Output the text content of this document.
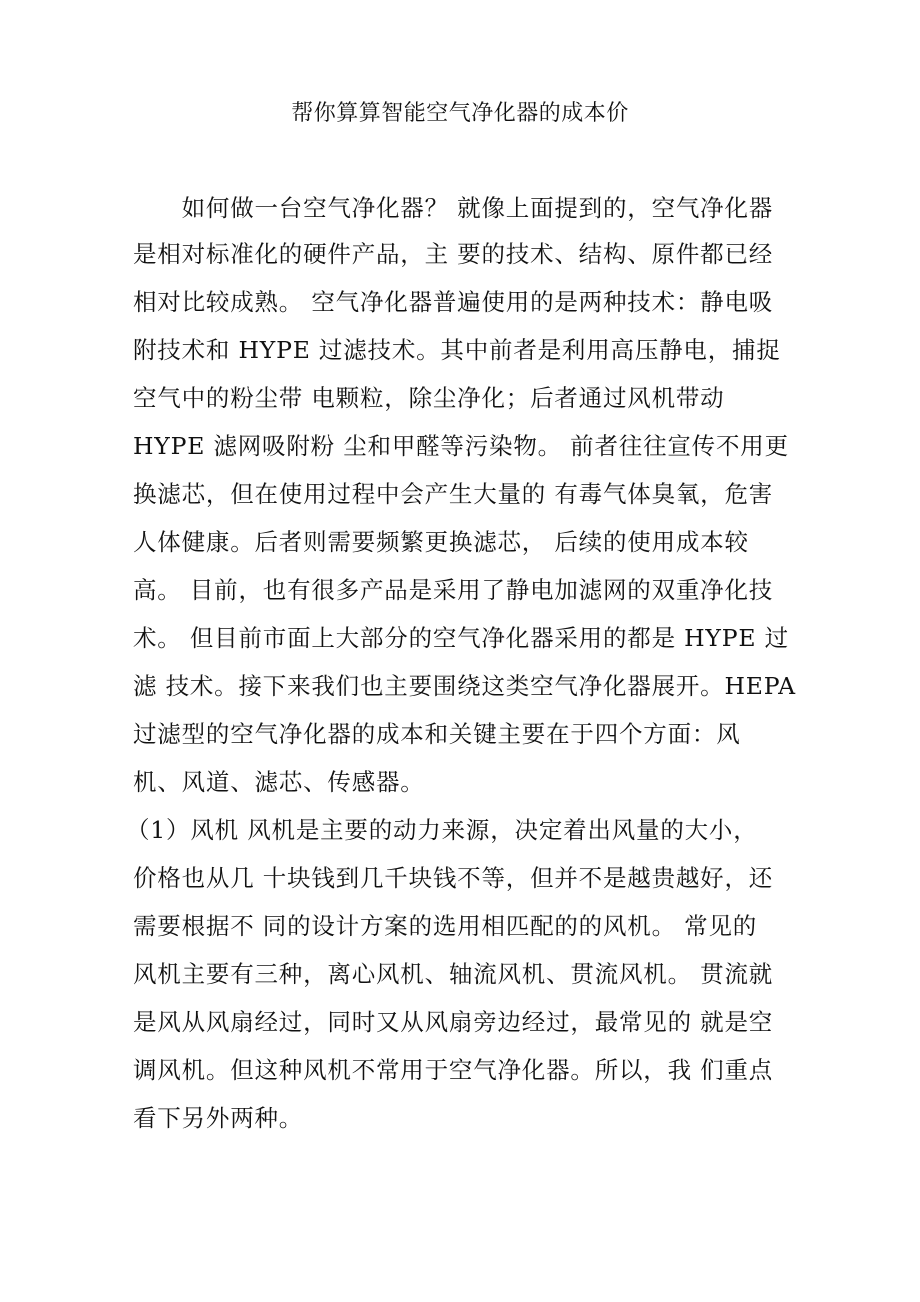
帮你算算智能空气净化器的成本价
　　如何做一台空气净化器？ 就像上面提到的，空气净化器
是相对标准化的硬件产品，主 要的技术、结构、原件都已经
相对比较成熟。 空气净化器普遍使用的是两种技术：静电吸
附技术和 HYPE 过滤技术。其中前者是利用高压静电，捕捉
空气中的粉尘带 电颗粒，除尘净化；后者通过风机带动
HYPE 滤网吸附粉 尘和甲醛等污染物。 前者往往宣传不用更
换滤芯，但在使用过程中会产生大量的 有毒气体臭氧，危害
人体健康。后者则需要频繁更换滤芯， 后续的使用成本较
高。 目前，也有很多产品是采用了静电加滤网的双重净化技
术。 但目前市面上大部分的空气净化器采用的都是 HYPE 过
滤 技术。接下来我们也主要围绕这类空气净化器展开。HEPA
过滤型的空气净化器的成本和关键主要在于四个方面：风
机、风道、滤芯、传感器。
（1）风机 风机是主要的动力来源，决定着出风量的大小，
价格也从几 十块钱到几千块钱不等，但并不是越贵越好，还
需要根据不 同的设计方案的选用相匹配的的风机。 常见的
风机主要有三种，离心风机、轴流风机、贯流风机。 贯流就
是风从风扇经过，同时又从风扇旁边经过，最常见的 就是空
调风机。但这种风机不常用于空气净化器。所以，我 们重点
看下另外两种。
